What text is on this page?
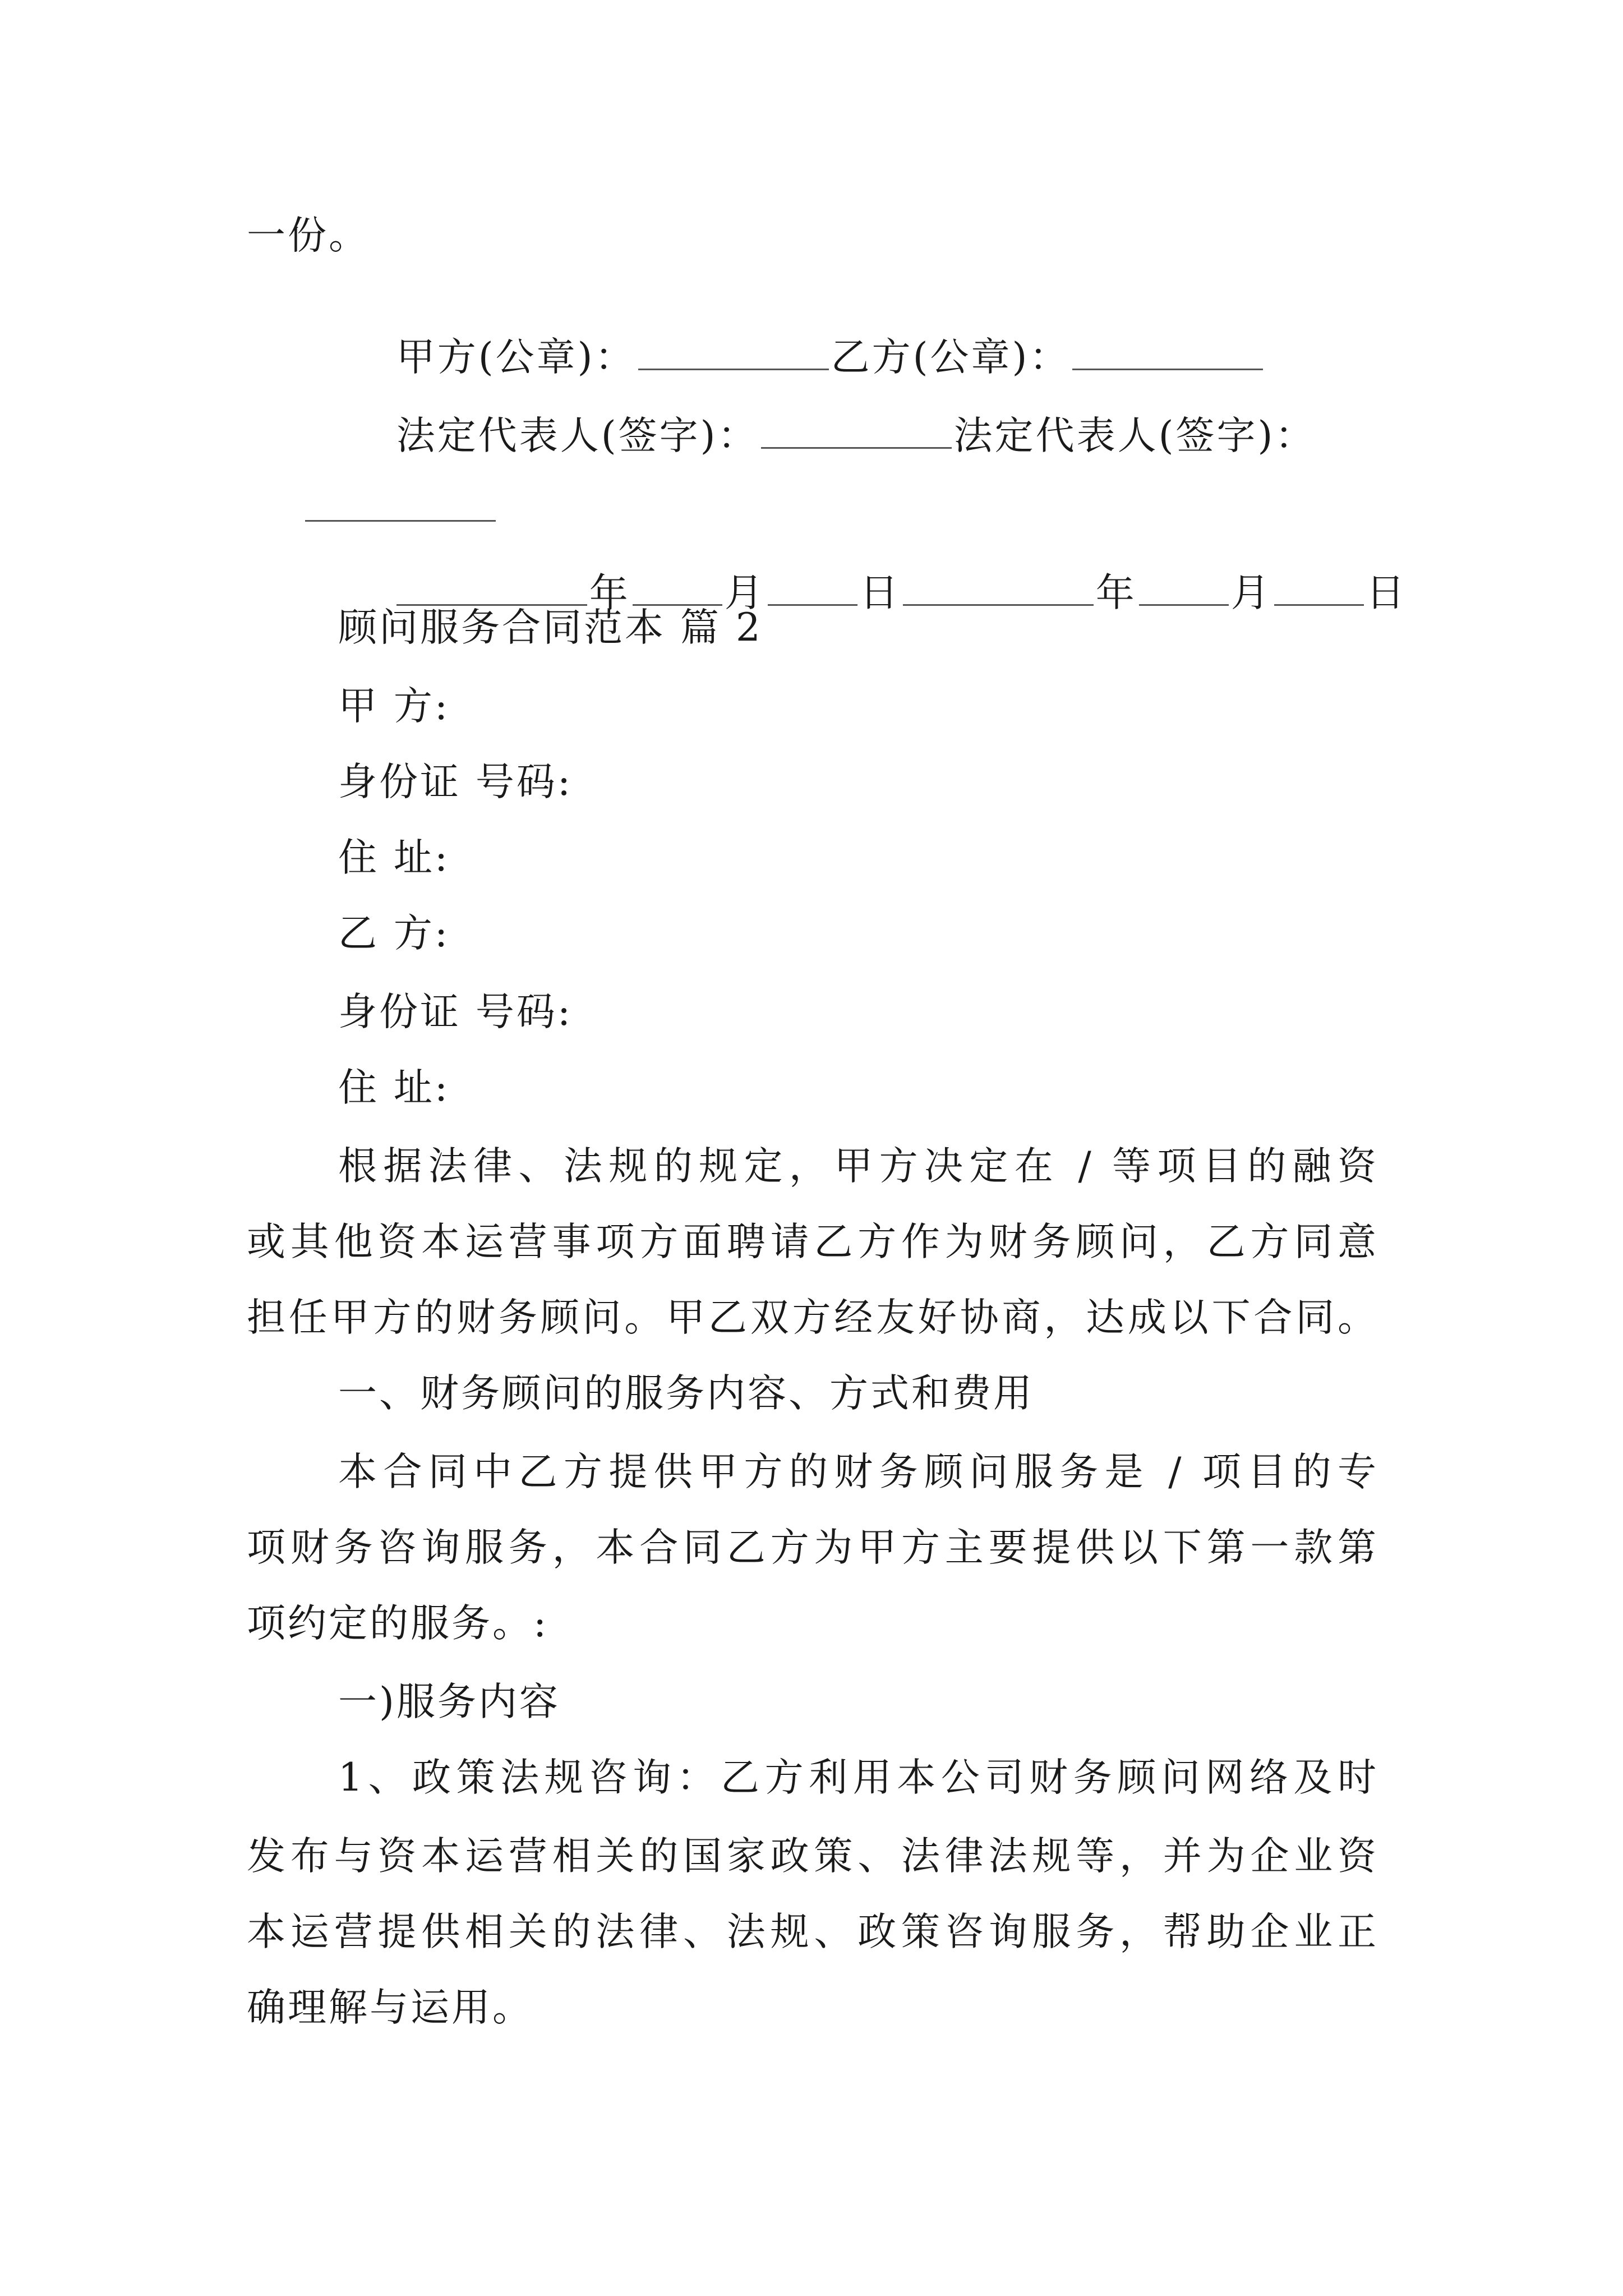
一份。

甲方(公章)：	乙方(公章)：

法定代表人(签字)：	法定代表人(签字)：

年 月 日	年 月 日

顾问服务合同范本 篇 2
甲 方:
身份证 号码:
住 址:
乙 方:
身份证 号码:
住 址:
根据法律、法规的规定，甲方决定在 / 等项目的融资
或其他资本运营事项方面聘请乙方作为财务顾问，乙方同意
担任甲方的财务顾问。甲乙双方经友好协商，达成以下合同。
一、财务顾问的服务内容、方式和费用
本合同中乙方提供甲方的财务顾问服务是 / 项目的专
项财务咨询服务，本合同乙方为甲方主要提供以下第一款第
项约定的服务。:
一)服务内容
1、政策法规咨询：乙方利用本公司财务顾问网络及时
发布与资本运营相关的国家政策、法律法规等，并为企业资
本运营提供相关的法律、法规、政策咨询服务，帮助企业正
确理解与运用。
